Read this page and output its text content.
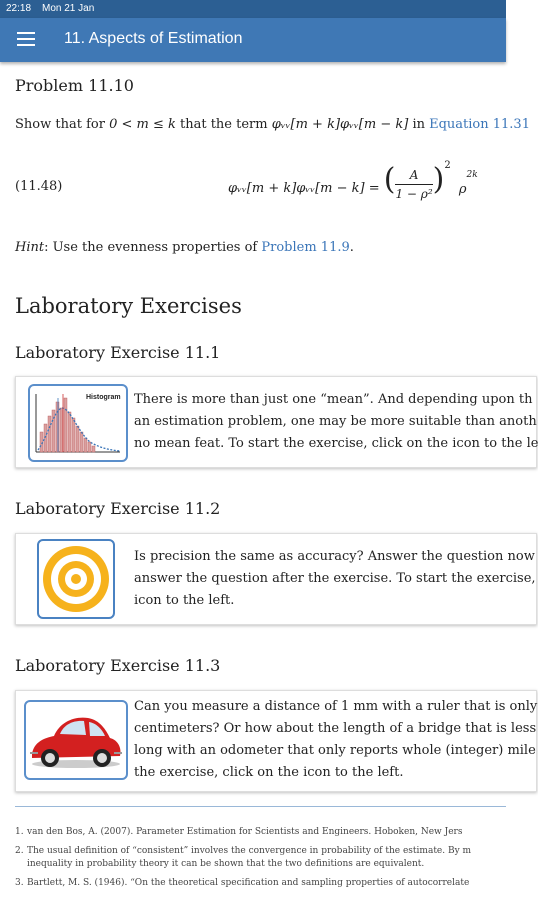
22:18 Mon 21 Jan
11. Aspects of Estimation
Problem 11.10
Show that for 0 < m ≤ k that the term φᵥᵥ[m + k]φᵥᵥ[m − k] in Equation 11.31
(11.48)	φᵥᵥ[m + k]φᵥᵥ[m − k] = ( $\frac{A}{\text{1 − ρ²}} )^2$ $\rho^{2k}$
Hint: Use the evenness properties of Problem 11.9.
Laboratory Exercises
Laboratory Exercise 11.1
Histogram There is more than just one “mean”. And depending upon th
an estimation problem, one may be more suitable than anoth
no mean feat. To start the exercise, click on the icon to the le
Laboratory Exercise 11.2
Is precision the same as accuracy? Answer the question now
answer the question after the exercise. To start the exercise,
icon to the left.
Laboratory Exercise 11.3
Can you measure a distance of 1 mm with a ruler that is only
centimeters? Or how about the length of a bridge that is less
long with an odometer that only reports whole (integer) mile
the exercise, click on the icon to the left.
1. van den Bos, A. (2007). Parameter Estimation for Scientists and Engineers. Hoboken, New Jers
2. The usual definition of “consistent” involves the convergence in probability of the estimate. By m
inequality in probability theory it can be shown that the two definitions are equivalent.
3. Bartlett, M. S. (1946). “On the theoretical specification and sampling properties of autocorrelate
